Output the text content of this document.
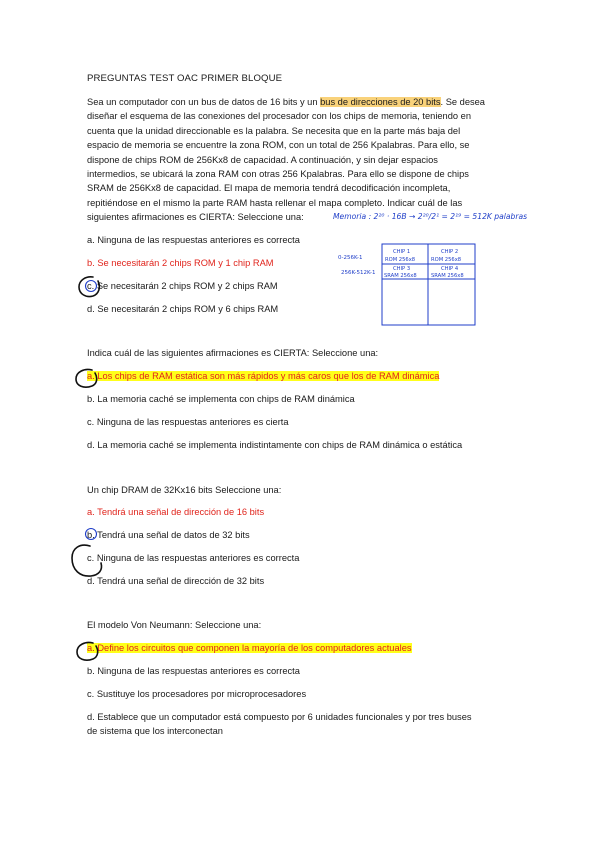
PREGUNTAS TEST OAC PRIMER BLOQUE
Sea un computador con un bus de datos de 16 bits y un bus de direcciones de 20 bits. Se desea
diseñar el esquema de las conexiones del procesador con los chips de memoria, teniendo en
cuenta que la unidad direccionable es la palabra. Se necesita que en la parte más baja del
espacio de memoria se encuentre la zona ROM, con un total de 256 Kpalabras. Para ello, se
dispone de chips ROM de 256Kx8 de capacidad. A continuación, y sin dejar espacios
intermedios, se ubicará la zona RAM con otras 256 Kpalabras. Para ello se dispone de chips
SRAM de 256Kx8 de capacidad. El mapa de memoria tendrá decodificación incompleta,
repitiéndose en el mismo la parte RAM hasta rellenar el mapa completo. Indicar cuál de las
siguientes afirmaciones es CIERTA: Seleccione una:
a. Ninguna de las respuestas anteriores es correcta
b. Se necesitarán 2 chips ROM y 1 chip RAM
c. Se necesitarán 2 chips ROM y 2 chips RAM
d. Se necesitarán 2 chips ROM y 6 chips RAM
Indica cuál de las siguientes afirmaciones es CIERTA: Seleccione una:
a. Los chips de RAM estática son más rápidos y más caros que los de RAM dinámica
b. La memoria caché se implementa con chips de RAM dinámica
c. Ninguna de las respuestas anteriores es cierta
d. La memoria caché se implementa indistintamente con chips de RAM dinámica o estática
Un chip DRAM de 32Kx16 bits Seleccione una:
a. Tendrá una señal de dirección de 16 bits
b. Tendrá una señal de datos de 32 bits
c. Ninguna de las respuestas anteriores es correcta
d. Tendrá una señal de dirección de 32 bits
El modelo Von Neumann: Seleccione una:
a. Define los circuitos que componen la mayoría de los computadores actuales
b. Ninguna de las respuestas anteriores es correcta
c. Sustituye los procesadores por microprocesadores
d. Establece que un computador está compuesto por 6 unidades funcionales y por tres buses
de sistema que los interconectan
Memoria : 2²⁰ · 16B → 2²⁰/2¹ = 2¹⁹ = 512K palabras
0-256K-1
256K-512K-1
CHIP 1
ROM 256x8
CHIP 2
ROM 256x8
CHIP 3
SRAM 256x8
CHIP 4
SRAM 256x8
